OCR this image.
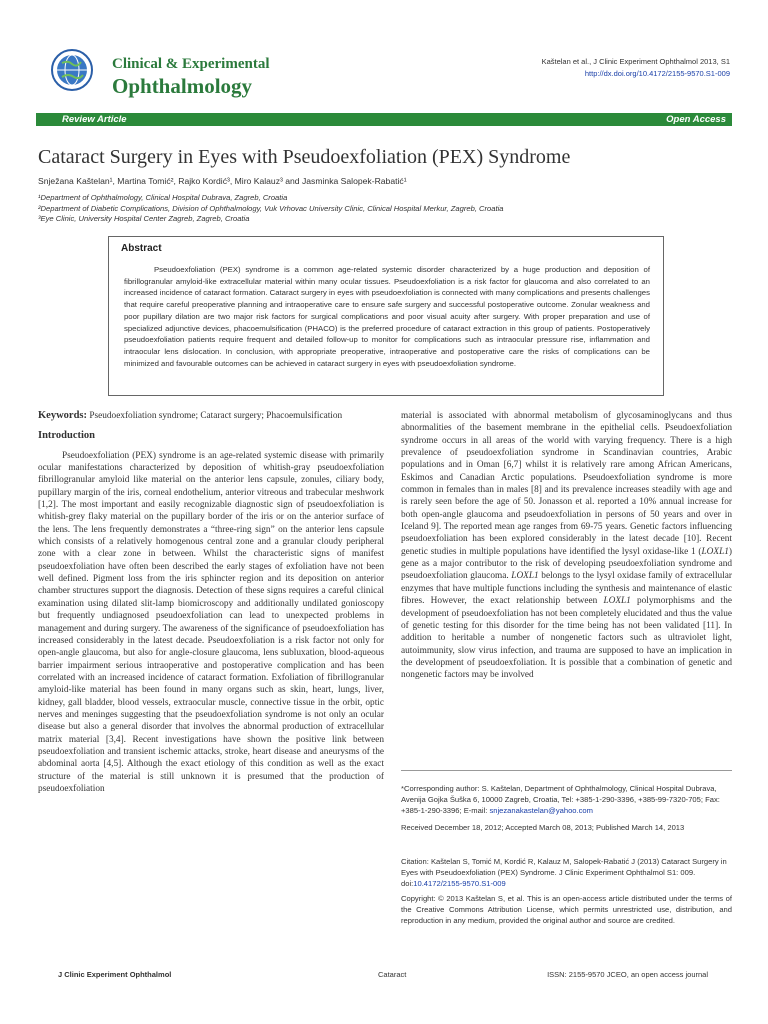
Clinical & Experimental
Ophthalmology
Kaštelan et al., J Clinic Experiment Ophthalmol 2013, S1
http://dx.doi.org/10.4172/2155-9570.S1-009
Review Article	Open Access
Cataract Surgery in Eyes with Pseudoexfoliation (PEX) Syndrome
Snježana Kaštelan¹, Martina Tomić², Rajko Kordić³, Miro Kalauz³ and Jasminka Salopek-Rabatić¹
¹Department of Ophthalmology, Clinical Hospital Dubrava, Zagreb, Croatia
²Department of Diabetic Complications, Division of Ophthalmology, Vuk Vrhovac University Clinic, Clinical Hospital Merkur, Zagreb, Croatia
³Eye Clinic, University Hospital Center Zagreb, Zagreb, Croatia
Abstract
Pseudoexfoliation (PEX) syndrome is a common age-related systemic disorder characterized by a huge production and deposition of fibrillogranular amyloid-like extracellular material within many ocular tissues. Pseudoexfoliation is a risk factor for glaucoma and also correlated to an increased incidence of cataract formation. Cataract surgery in eyes with pseudoexfoliation is connected with many complications and presents challenges that require careful preoperative planning and intraoperative care to ensure safe surgery and successful postoperative outcome. Zonular weakness and poor pupillary dilation are two major risk factors for surgical complications and poor visual acuity after surgery. With proper preparation and use of specialized adjunctive devices, phacoemulsification (PHACO) is the preferred procedure of cataract extraction in this group of patients. Postoperatively pseudoexfoliation patients require frequent and detailed follow-up to monitor for complications such as intraocular pressure rise, inflammation and intraocular lens dislocation. In conclusion, with appropriate preoperative, intraoperative and postoperative care the risks of complications can be minimized and favourable outcomes can be achieved in cataract surgery in eyes with pseudoexfoliation syndrome.
Keywords: Pseudoexfoliation syndrome; Cataract surgery; Phacoemulsification
Introduction

Pseudoexfoliation (PEX) syndrome is an age-related systemic disease with primarily ocular manifestations characterized by deposition of whitish-gray pseudoexfoliation fibrillogranular amyloid like material on the anterior lens capsule, zonules, ciliary body, pupillary margin of the iris, corneal endothelium, anterior vitreous and trabecular meshwork [1,2]. The most important and easily recognizable diagnostic sign of pseudoexfoliation is whitish-grey flaky material on the pupillary border of the iris or on the anterior surface of the lens. The lens frequently demonstrates a “three-ring sign” on the anterior lens capsule which consists of a relatively homogenous central zone and a granular cloudy peripheral zone with a clear zone in between. Whilst the characteristic signs of manifest pseudoexfoliation have often been described the early stages of exfoliation have not been well defined. Pigment loss from the iris sphincter region and its deposition on anterior chamber structures support the diagnosis. Detection of these signs requires a careful clinical examination using dilated slit-lamp biomicroscopy and additionally undilated gonioscopy but frequently undiagnosed pseudoexfoliation can lead to unexpected problems in management and during surgery. The awareness of the significance of pseudoexfoliation has increased considerably in the latest decade. Pseudoexfoliation is a risk factor not only for open-angle glaucoma, but also for angle-closure glaucoma, lens subluxation, blood-aqueous barrier impairment serious intraoperative and postoperative complication and has been correlated with an increased incidence of cataract formation. Exfoliation of fibrillogranular amyloid-like material has been found in many organs such as skin, heart, lungs, liver, kidney, gall bladder, blood vessels, extraocular muscle, connective tissue in the orbit, optic nerves and meninges suggesting that the pseudoexfoliation syndrome is not only an ocular disease but also a general disorder that involves the abnormal production of extracellular matrix material [3,4]. Recent investigations have shown the positive link between pseudoexfoliation and transient ischemic attacks, stroke, heart disease and aneurysms of the abdominal aorta [4,5]. Although the exact etiology of this condition as well as the exact structure of the material is still unknown it is presumed that the production of pseudoexfoliation

material is associated with abnormal metabolism of glycosaminoglycans and thus abnormalities of the basement membrane in the epithelial cells. Pseudoexfoliation syndrome occurs in all areas of the world with varying frequency. There is a high prevalence of pseudoexfoliation syndrome in Scandinavian countries, Arabic populations and in Oman [6,7] whilst it is relatively rare among African Americans, Eskimos and Canadian Arctic populations. Pseudoexfoliation syndrome is more common in females than in males [8] and its prevalence increases steadily with age and is rarely seen before the age of 50. Jonasson et al. reported a 10% annual increase for both open-angle glaucoma and pseudoexfoliation in persons of 50 years and over in Iceland 9]. The reported mean age ranges from 69-75 years. Genetic factors influencing pseudoexfoliation has been explored considerably in the latest decade [10]. Recent genetic studies in multiple populations have identified the lysyl oxidase-like 1 (LOXL1) gene as a major contributor to the risk of developing pseudoexfoliation syndrome and pseudoexfoliation glaucoma. LOXL1 belongs to the lysyl oxidase family of extracellular enzymes that have multiple functions including the synthesis and maintenance of elastic fibres. However, the exact relationship between LOXL1 polymorphisms and the development of pseudoexfoliation has not been completely elucidated and thus the value of genetic testing for this disorder for the time being has not been validated [11]. In addition to heritable a number of nongenetic factors such as ultraviolet light, autoimmunity, slow virus infection, and trauma are supposed to have an implication in the development of pseudoexfoliation. It is possible that a combination of genetic and nongenetic factors may be involved

*Corresponding author: S. Kaštelan, Department of Ophthalmology, Clinical Hospital Dubrava, Avenija Gojka Šuška 6, 10000 Zagreb, Croatia, Tel: +385-1-290-3396, +385-99-7320-705; Fax: +385-1-290-3396; E-mail: snjezanakastelan@yahoo.com
Received December 18, 2012; Accepted March 08, 2013; Published March 14, 2013
Citation: Kaštelan S, Tomić M, Kordić R, Kalauz M, Salopek-Rabatić J (2013) Cataract Surgery in Eyes with Pseudoexfoliation (PEX) Syndrome. J Clinic Experiment Ophthalmol S1: 009. doi:10.4172/2155-9570.S1-009
Copyright: © 2013 Kaštelan S, et al. This is an open-access article distributed under the terms of the Creative Commons Attribution License, which permits unrestricted use, distribution, and reproduction in any medium, provided the original author and source are credited.
J Clinic Experiment Ophthalmol	Cataract	ISSN: 2155-9570 JCEO, an open access journal
